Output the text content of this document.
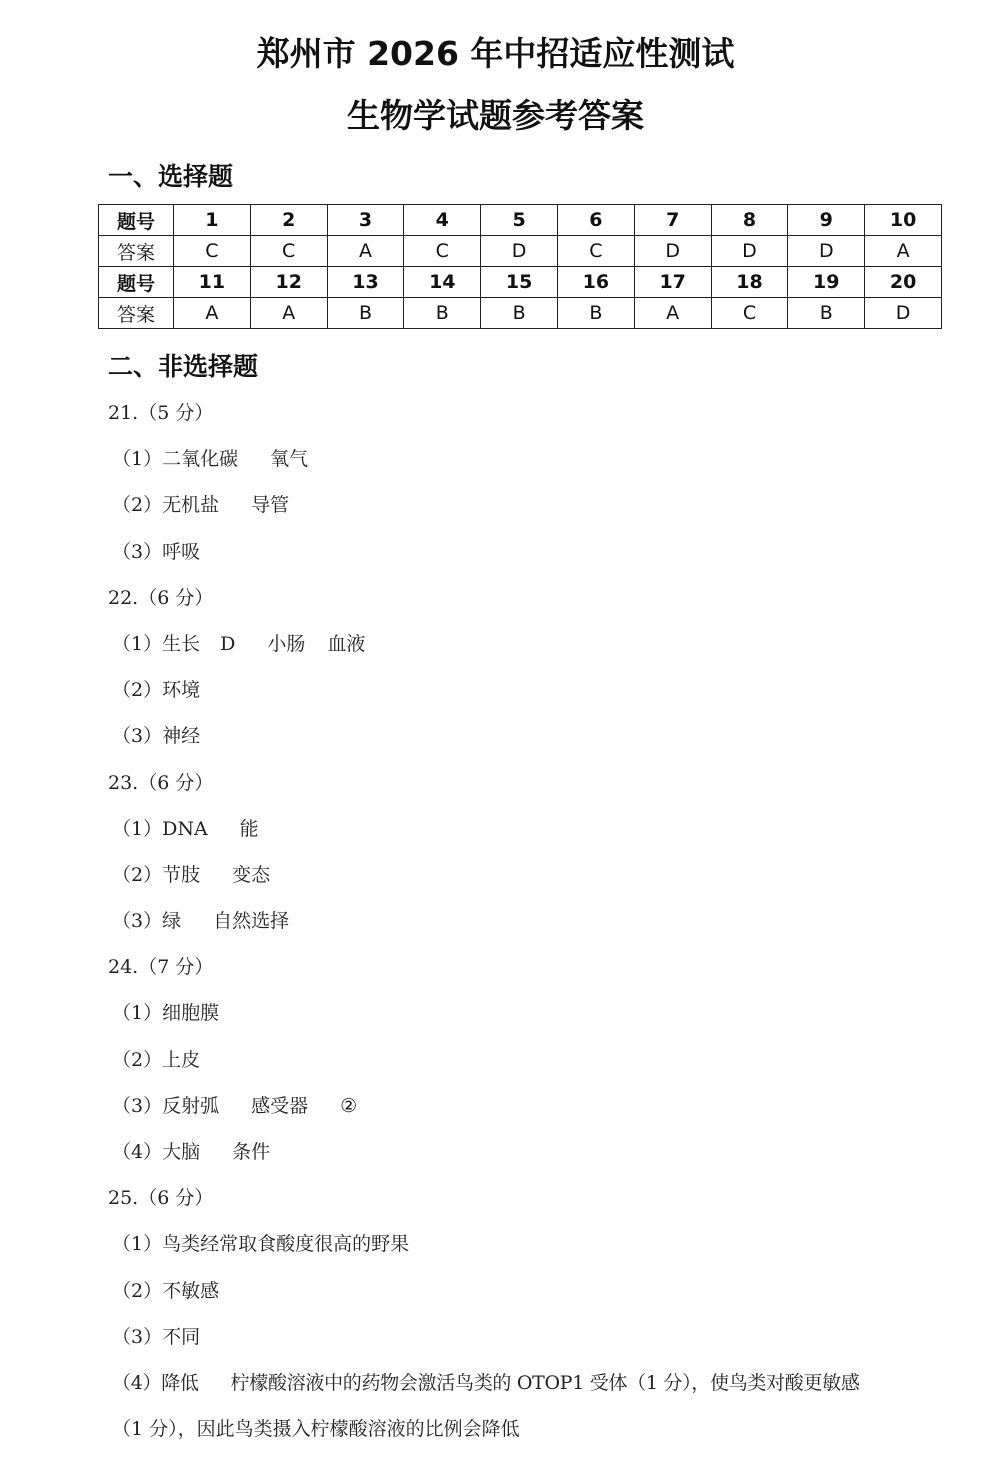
郑州市 2026 年中招适应性测试
生物学试题参考答案
一、选择题
题号	1	2	3	4	5	6	7	8	9	10
答案	C	C	A	C	D	C	D	D	D	A
题号	11	12	13	14	15	16	17	18	19	20
答案	A	A	B	B	B	B	A	C	B	D
二、非选择题
21.（5 分）
（1）二氧化碳 氧气
（2）无机盐 导管
（3）呼吸
22.（6 分）
（1）生长 D 小肠 血液
（2）环境
（3）神经
23.（6 分）
（1）DNA 能
（2）节肢 变态
（3）绿 自然选择
24.（7 分）
（1）细胞膜
（2）上皮
（3）反射弧 感受器 ②
（4）大脑 条件
25.（6 分）
（1）鸟类经常取食酸度很高的野果
（2）不敏感
（3）不同
（4）降低 柠檬酸溶液中的药物会激活鸟类的 OTOP1 受体（1 分），使鸟类对酸更敏感
（1 分），因此鸟类摄入柠檬酸溶液的比例会降低
